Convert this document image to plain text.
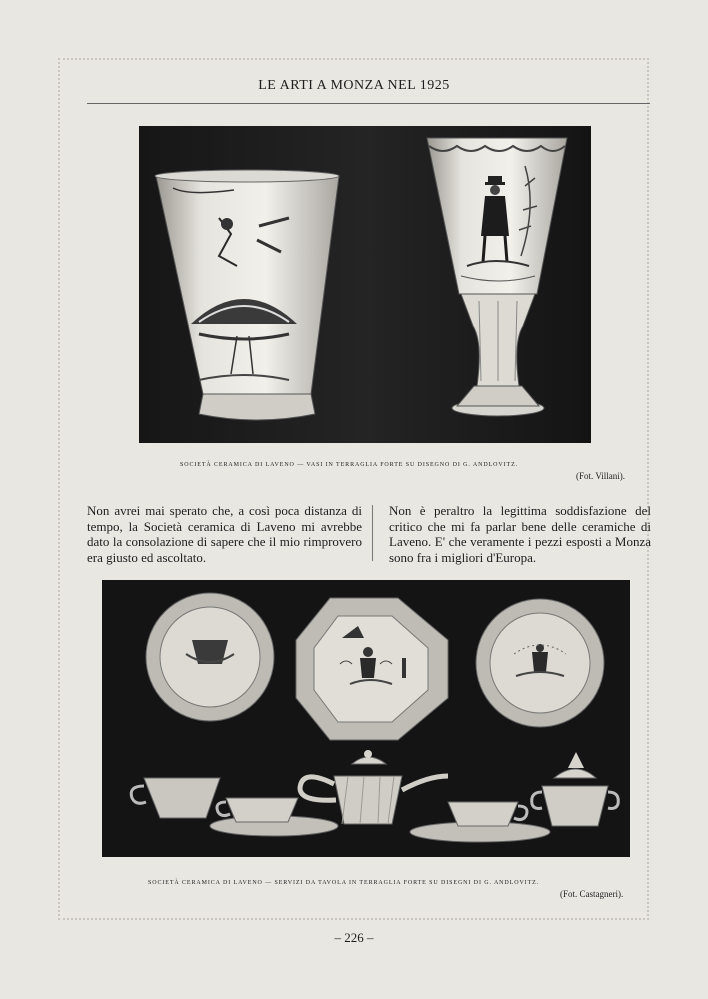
LE ARTI A MONZA NEL 1925
SOCIETÀ CERAMICA DI LAVENO — VASI IN TERRAGLIA FORTE SU DISEGNO DI G. ANDLOVITZ.
(Fot. Villani).
Non avrei mai sperato che, a così poca distanza di tempo, la Società ceramica di Laveno mi avrebbe dato la consolazione di sapere che il mio rimprovero era giusto ed ascoltato.
Non è peraltro la legittima soddisfazione del critico che mi fa parlar bene delle ceramiche di Laveno. E' che veramente i pezzi esposti a Monza sono fra i migliori d'Europa.
SOCIETÀ CERAMICA DI LAVENO — SERVIZI DA TAVOLA IN TERRAGLIA FORTE SU DISEGNI DI G. ANDLOVITZ.
(Fot. Castagneri).
– 226 –
